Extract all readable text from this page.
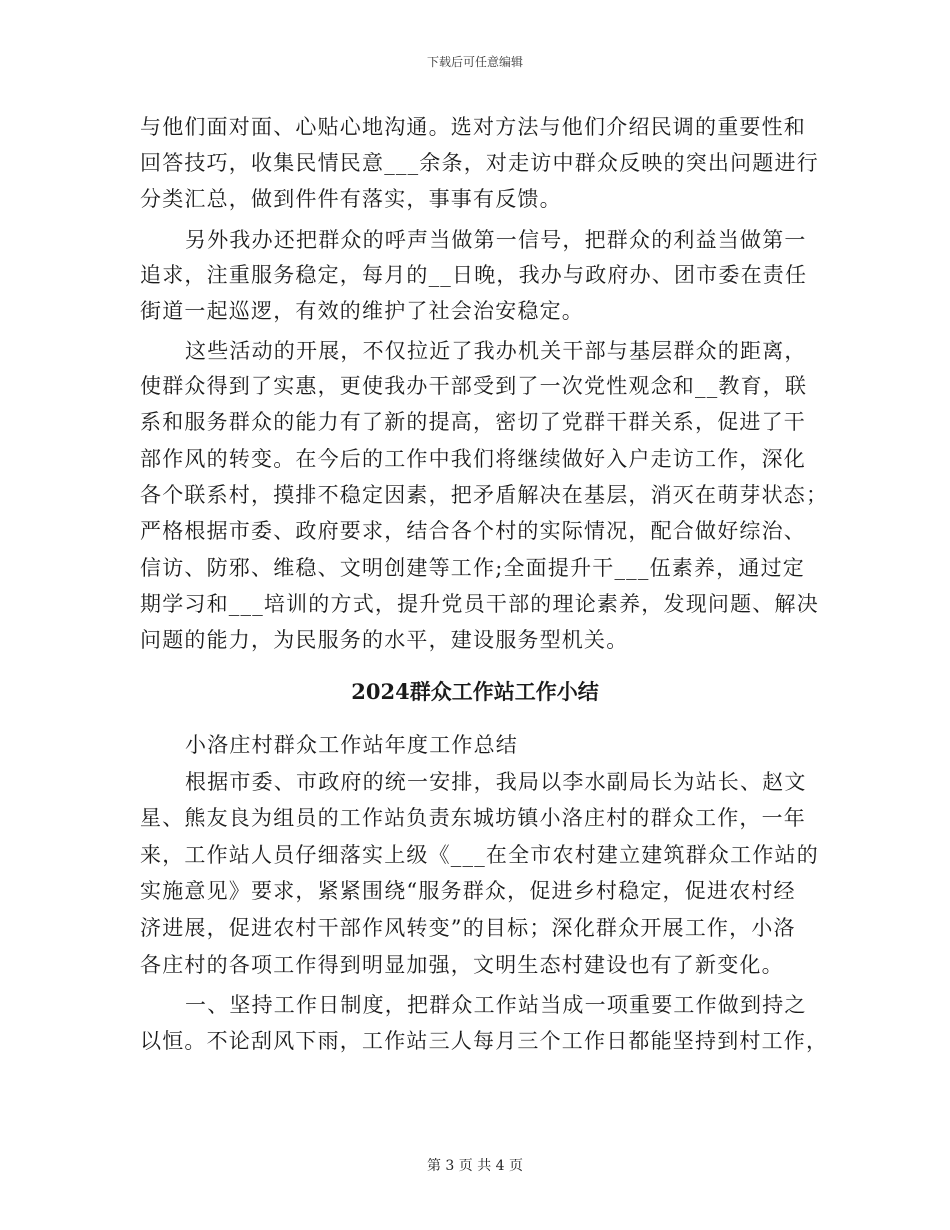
下载后可任意编辑
与他们面对面、心贴心地沟通。选对方法与他们介绍民调的重要性和
回答技巧，收集民情民意___余条，对走访中群众反映的突出问题进行
分类汇总，做到件件有落实，事事有反馈。
另外我办还把群众的呼声当做第一信号，把群众的利益当做第一
追求，注重服务稳定，每月的__日晚，我办与政府办、团市委在责任
街道一起巡逻，有效的维护了社会治安稳定。
这些活动的开展，不仅拉近了我办机关干部与基层群众的距离，
使群众得到了实惠，更使我办干部受到了一次党性观念和__教育，联
系和服务群众的能力有了新的提高，密切了党群干群关系，促进了干
部作风的转变。在今后的工作中我们将继续做好入户走访工作，深化
各个联系村，摸排不稳定因素，把矛盾解决在基层，消灭在萌芽状态；
严格根据市委、政府要求，结合各个村的实际情况，配合做好综治、
信访、防邪、维稳、文明创建等工作;全面提升干___伍素养，通过定
期学习和___培训的方式，提升党员干部的理论素养，发现问题、解决
问题的能力，为民服务的水平，建设服务型机关。
2024群众工作站工作小结
小洛庄村群众工作站年度工作总结
根据市委、市政府的统一安排，我局以李水副局长为站长、赵文
星、熊友良为组员的工作站负责东城坊镇小洛庄村的群众工作，一年
来，工作站人员仔细落实上级《___在全市农村建立建筑群众工作站的
实施意见》要求，紧紧围绕“服务群众，促进乡村稳定，促进农村经
济进展，促进农村干部作风转变”的目标；深化群众开展工作，小洛
各庄村的各项工作得到明显加强，文明生态村建设也有了新变化。
一、坚持工作日制度，把群众工作站当成一项重要工作做到持之
以恒。不论刮风下雨，工作站三人每月三个工作日都能坚持到村工作，
第 3 页 共 4 页
